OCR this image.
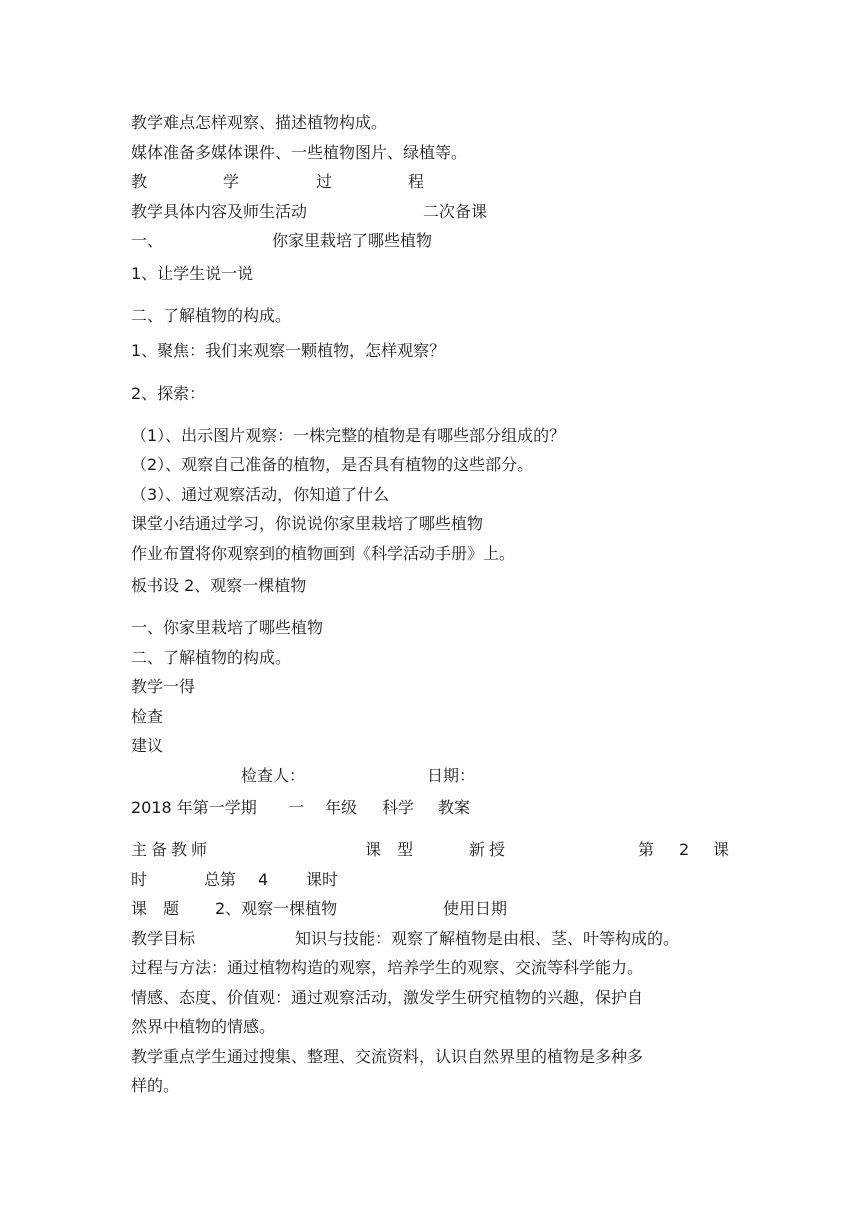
教学难点怎样观察、描述植物构成。
媒体准备多媒体课件、一些植物图片、绿植等。
教	学	过	程
教学具体内容及师生活动	二次备课
一、	你家里栽培了哪些植物
1、让学生说一说
二、了解植物的构成。
1、聚焦：我们来观察一颗植物，怎样观察？
2、探索：
（1）、出示图片观察：一株完整的植物是有哪些部分组成的？
（2）、观察自己准备的植物，是否具有植物的这些部分。
（3）、通过观察活动，你知道了什么
课堂小结通过学习，你说说你家里栽培了哪些植物
作业布置将你观察到的植物画到《科学活动手册》上。
板书设 2、观察一棵植物
一、你家里栽培了哪些植物
二、了解植物的构成。
教学一得
检查
建议
检查人：	日期：
2018 年第一学期 一 年级 科学 教案
主备教师	课　型	新授	第 2 课
时	总第 4 课时
课　题 2、观察一棵植物	使用日期
教学目标	知识与技能：观察了解植物是由根、茎、叶等构成的。
过程与方法：通过植物构造的观察，培养学生的观察、交流等科学能力。
情感、态度、价值观：通过观察活动，激发学生研究植物的兴趣，保护自
然界中植物的情感。
教学重点学生通过搜集、整理、交流资料，认识自然界里的植物是多种多
样的。
